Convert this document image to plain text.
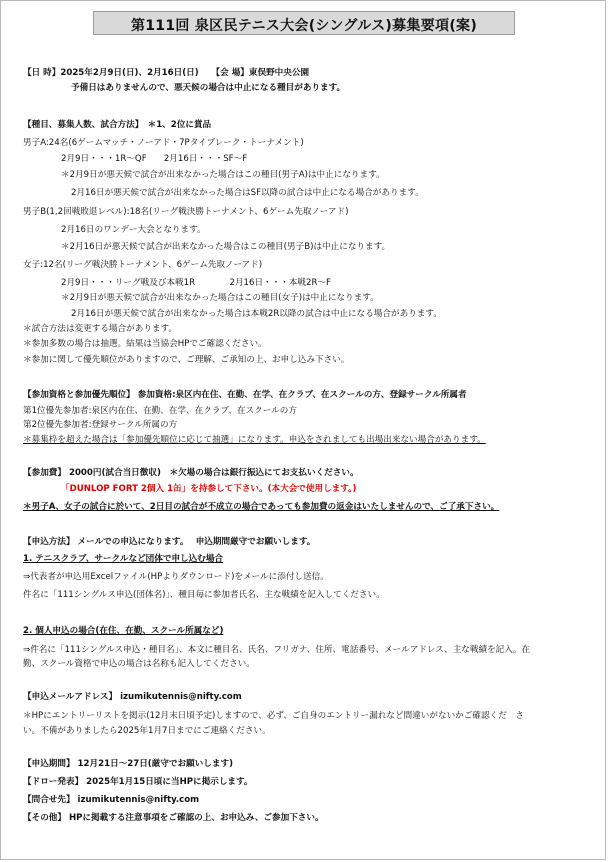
第111回 泉区民テニス大会(シングルス)募集要項(案)
【日 時】2025年2月9日(日)、2月16日(日)　　【会 場】東俣野中央公園
予備日はありませんので、悪天候の場合は中止になる種目があります。
【種目、募集人数、試合方法】　＊1、2位に賞品
男子A:24名(6ゲームマッチ・ノーアド・7Pタイブレーク・トーナメント)
2月9日・・・1R～QF　　2月16日・・・SF～F
＊2月9日が悪天候で試合が出来なかった場合はこの種目(男子A)は中止になります。
2月16日が悪天候で試合が出来なかった場合はSF以降の試合は中止になる場合があります。
男子B(1,2回戦敗退レベル):18名(リーグ戦決勝トーナメント、6ゲーム先取ノーアド)
2月16日のワンデー大会となります。
＊2月16日が悪天候で試合が出来なかった場合はこの種目(男子B)は中止になります。
女子:12名(リーグ戦決勝トーナメント、6ゲーム先取ノーアド)
2月9日・・・リーグ戦及び本戦1R　　　　2月16日・・・本戦2R～F
＊2月9日が悪天候で試合が出来なかった場合はこの種目(女子)は中止になります。
2月16日が悪天候で試合が出来なかった場合は本戦2R以降の試合は中止になる場合があります。
＊試合方法は変更する場合があります。
＊参加多数の場合は抽選。結果は当協会HPでご確認ください。
＊参加に関して優先順位がありますので、ご理解、ご承知の上、お申し込み下さい。
【参加資格と参加優先順位】 参加資格:泉区内在住、在勤、在学、在クラブ、在スクールの方、登録サークル所属者
第1位優先参加者:泉区内在住、在勤、在学、在クラブ、在スクールの方
第2位優先参加者:登録サークル所属の方
＊募集枠を超えた場合は「参加優先順位に応じて抽選」になります。申込をされましても出場出来ない場合があります。
【参加費】 2000円(試合当日徴収)　＊欠場の場合は銀行振込にてお支払いください。
「DUNLOP FORT 2個入 1缶」を持参して下さい。(本大会で使用します。)
＊男子A、女子の試合に於いて、2日目の試合が不成立の場合であっても参加費の返金はいたしませんので、ご了承下さい。
【申込方法】 メールでの申込になります。　 申込期間厳守でお願いします。
1. テニスクラブ、サークルなど団体で申し込む場合
⇒代表者が申込用Excelファイル(HPよりダウンロード)をメールに添付し送信。
件名に「111シングルス申込(団体名)」、種目毎に参加者氏名、主な戦績を記入してください。
2. 個人申込の場合(在住、在勤、スクール所属など)
⇒件名に「111シングルス申込・種目名」、本文に種目名、氏名、フリガナ、住所、電話番号、メールアドレス、主な戦績を記入。在
勤、スクール資格で申込の場合は名称も記入してください。
【申込メールアドレス】 izumikutennis@nifty.com
＊HPにエントリーリストを掲示(12月末日頃予定)しますので、必ず、ご自身のエントリー漏れなど間違いがないかご確認くだ　さ
い。不備がありましたら2025年1月7日までにご連絡ください。
【申込期間】 12月21日～27日(厳守でお願いします)
【ドロー発表】 2025年1月15日頃に当HPに掲示します。
【問合せ先】 izumikutennis@nifty.com
【その他】 HPに掲載する注意事項をご確認の上、お申込み、ご参加下さい。
